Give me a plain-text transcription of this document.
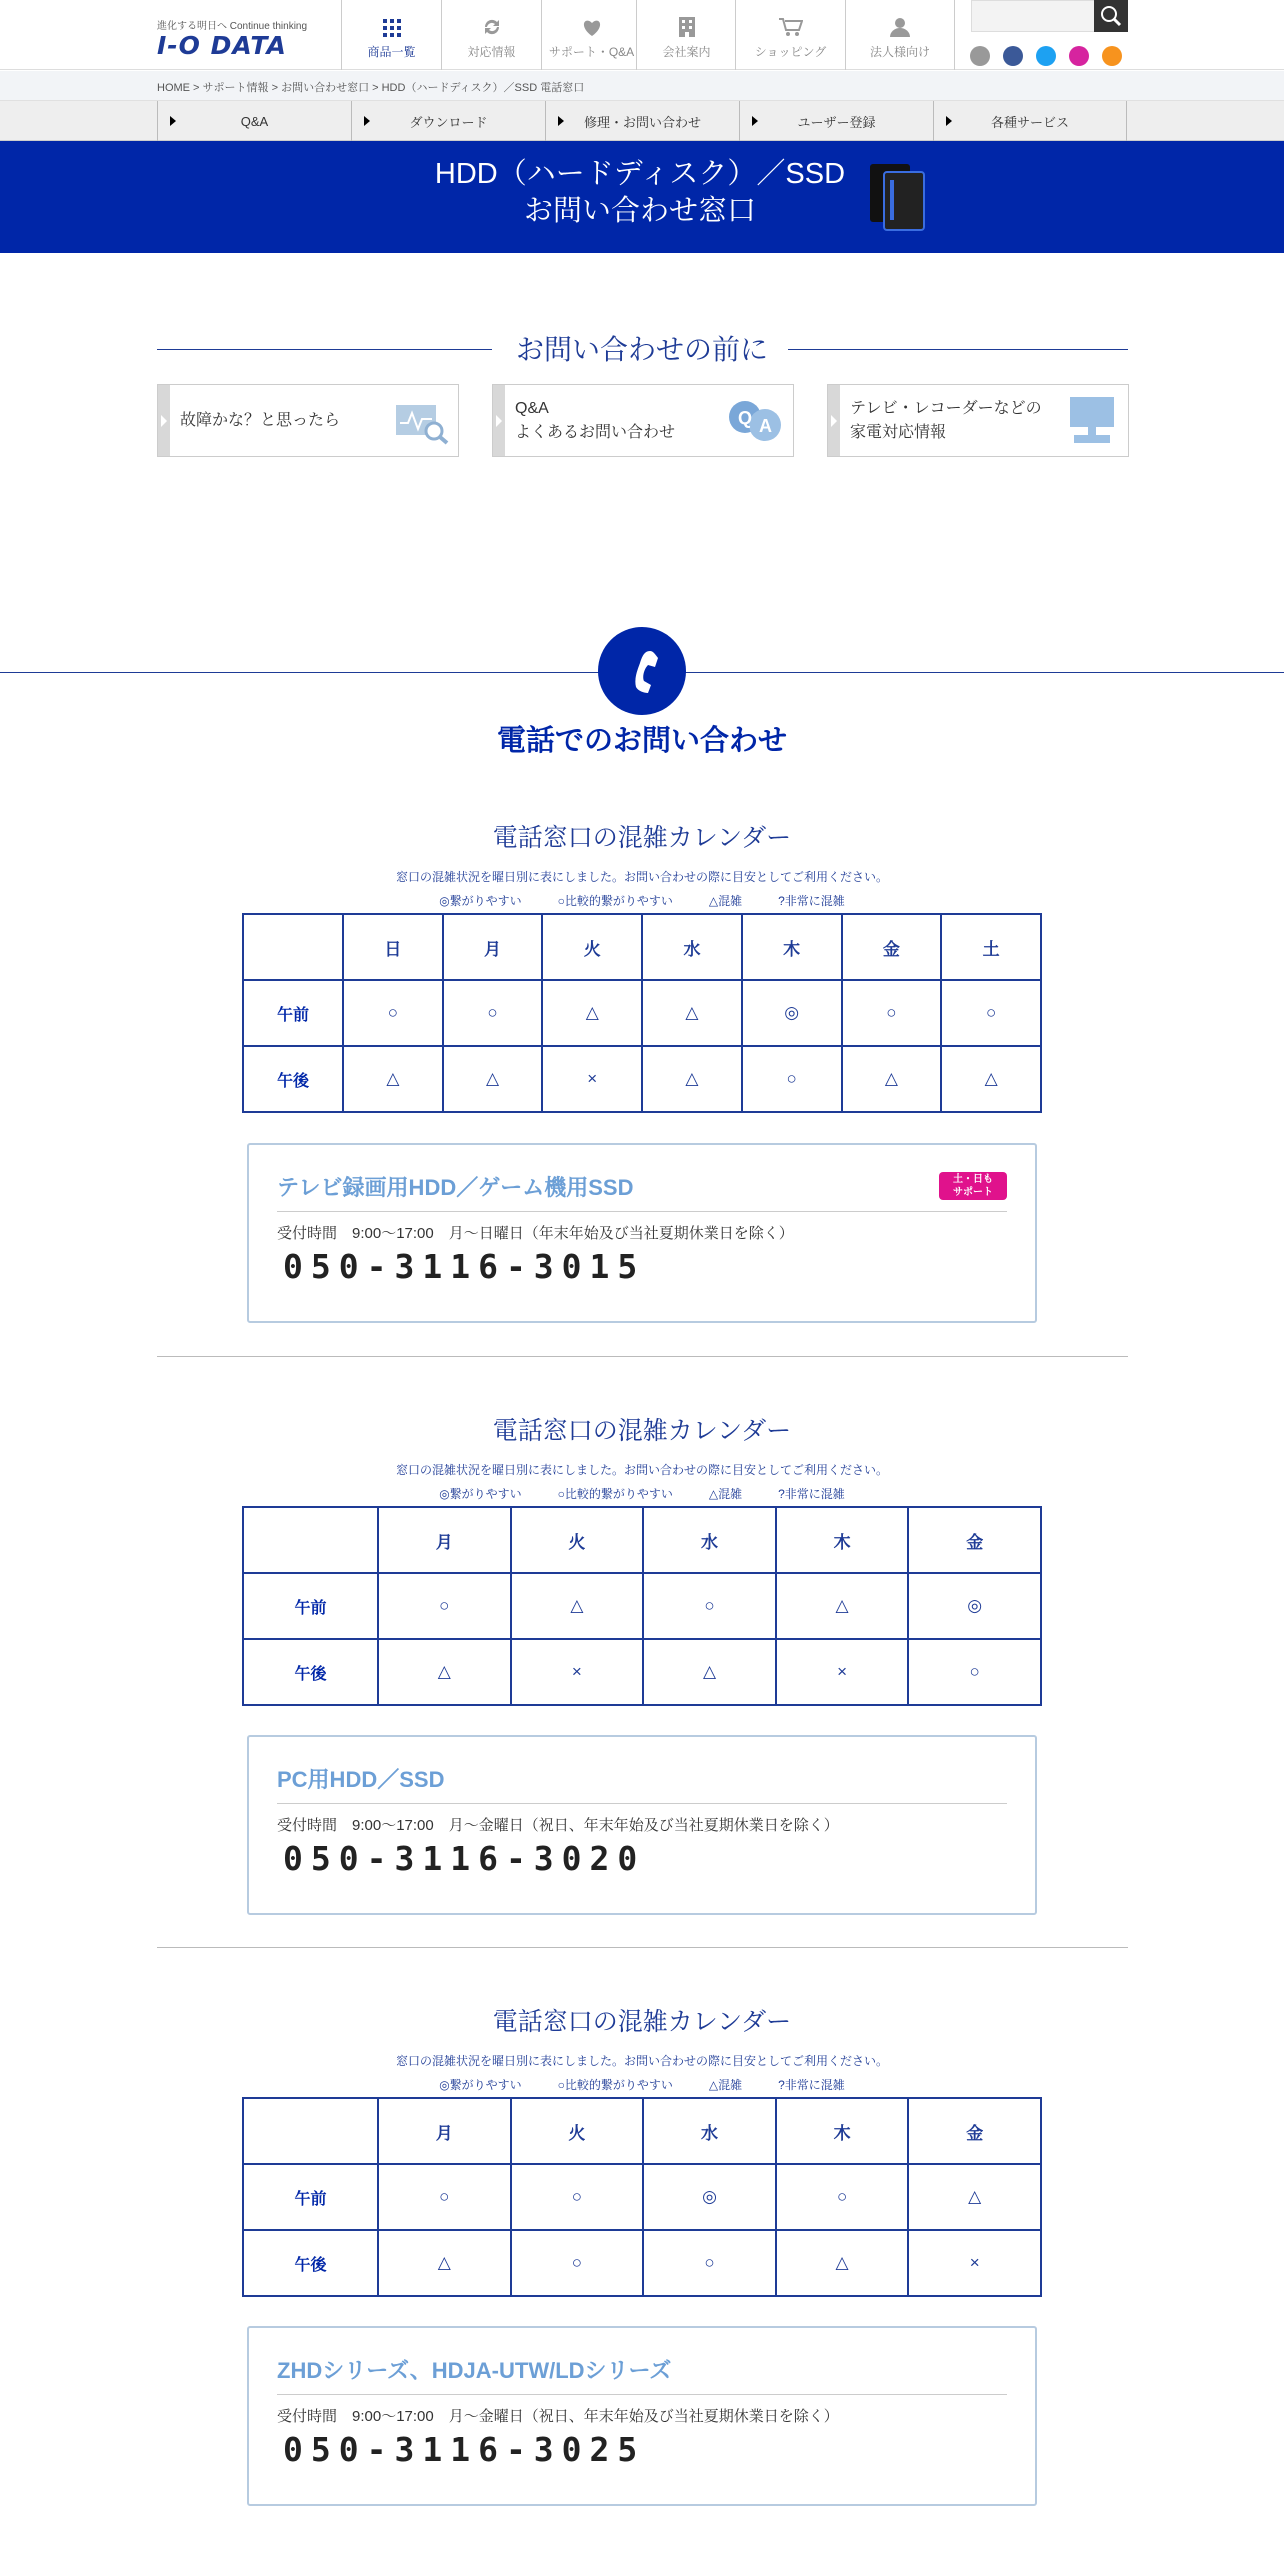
進化する明日へ Continue thinking
I-O DATA	商品一覧	対応情報	サポート・Q&A 会社案内	ショッピング	法人様向け
HOME > サポート情報 > お問い合わせ窓口 > HDD（ハードディスク）／SSD 電話窓口
Q&A	ダウンロード	修理・お問い合わせ	ユーザー登録	各種サービス
HDD（ハードディスク）／SSD
お問い合わせ窓口
お問い合わせの前に
故障かな？と思ったら
Q&A
よくあるお問い合わせ
Q A
テレビ・レコーダーなどの
家電対応情報
電話でのお問い合わせ
電話窓口の混雑カレンダー
窓口の混雑状況を曜日別に表にしました。お問い合わせの際に目安としてご利用ください。
◎繋がりやすい　　　○比較的繋がりやすい　　　△混雑　　　?非常に混雑
	日	月	火	水	木	金	土
午前	○	○	△	△	◎	○	○
午後	△	△	×	△	○	△	△
テレビ録画用HDD／ゲーム機用SSD
受付時間　9:00～17:00　月～日曜日（年末年始及び当社夏期休業日を除く）
050-3116-3015
土・日も
サポート
電話窓口の混雑カレンダー
窓口の混雑状況を曜日別に表にしました。お問い合わせの際に目安としてご利用ください。
◎繋がりやすい　　　○比較的繋がりやすい　　　△混雑　　　?非常に混雑
	月	火	水	木	金
午前	○	△	○	△	◎
午後	△	×	△	×	○
PC用HDD／SSD
受付時間　9:00～17:00　月～金曜日（祝日、年末年始及び当社夏期休業日を除く）
050-3116-3020
電話窓口の混雑カレンダー
窓口の混雑状況を曜日別に表にしました。お問い合わせの際に目安としてご利用ください。
◎繋がりやすい　　　○比較的繋がりやすい　　　△混雑　　　?非常に混雑
	月	火	水	木	金
午前	○	○	◎	○	△
午後	△	○	○	△	×
ZHDシリーズ、HDJA-UTW/LDシリーズ
受付時間　9:00～17:00　月～金曜日（祝日、年末年始及び当社夏期休業日を除く）
050-3116-3025
